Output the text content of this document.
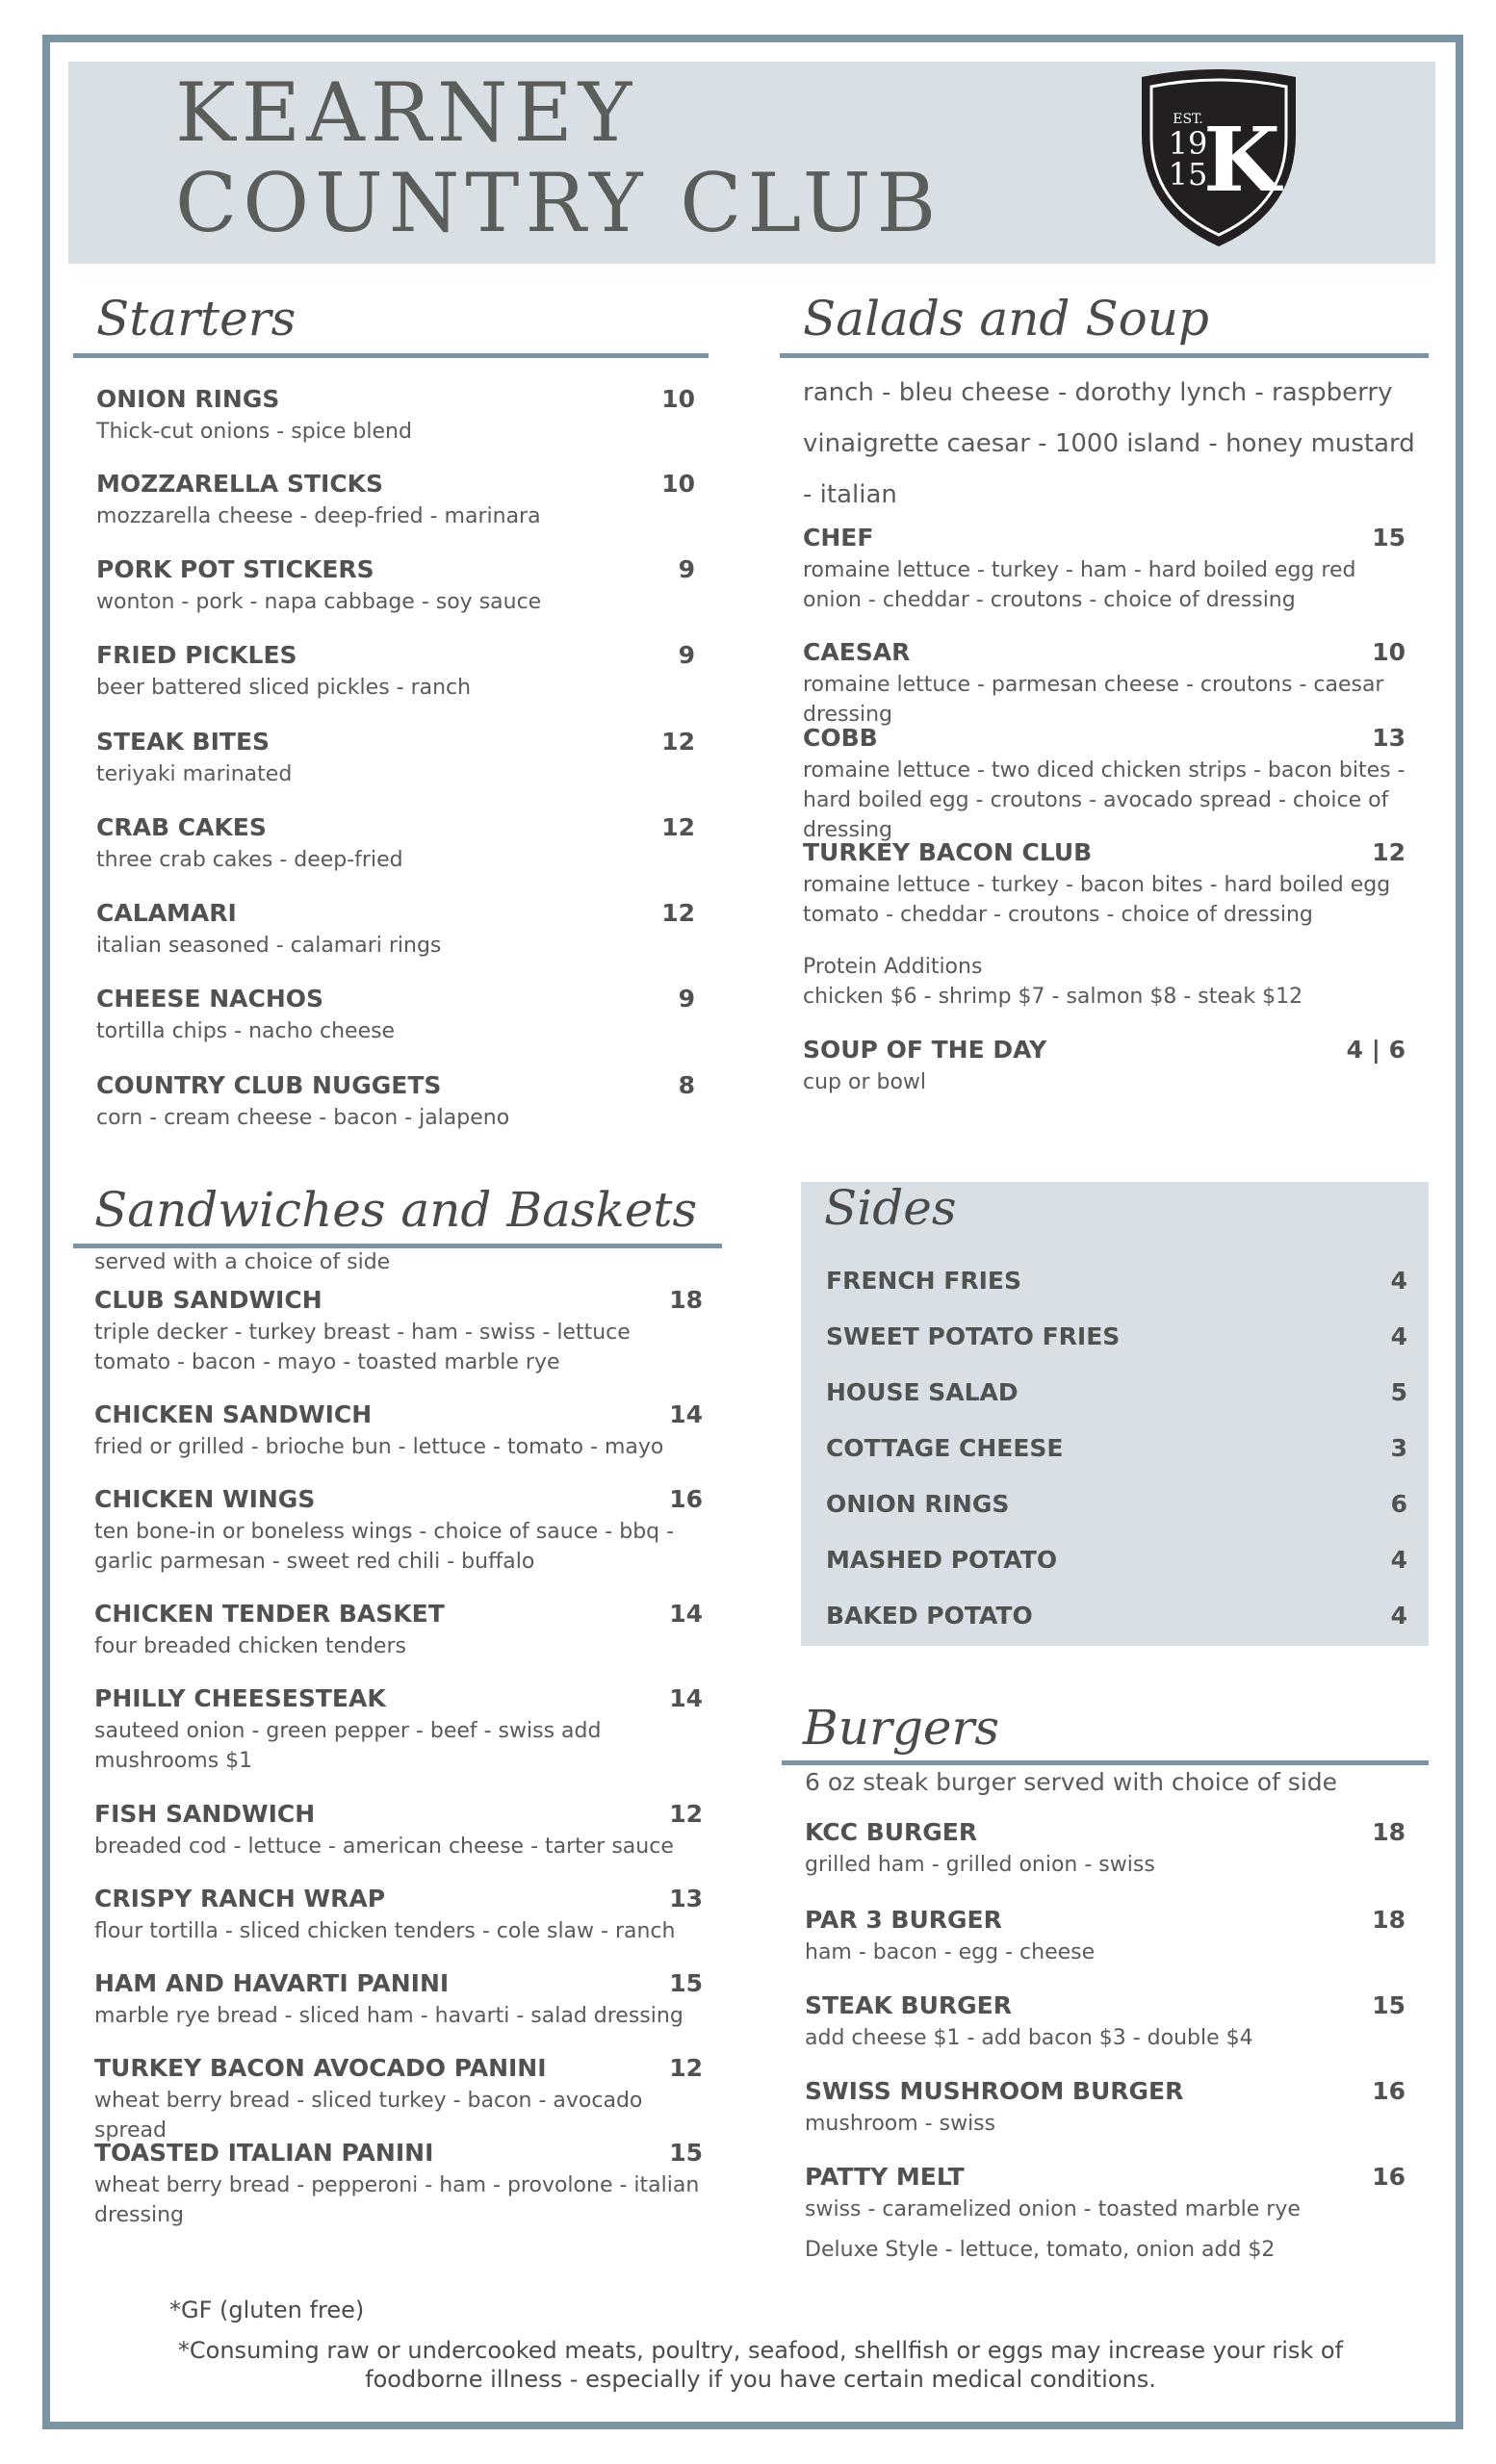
KEARNEY
COUNTRY CLUB
EST.
19
15
K
Starters
ONION RINGS	10
Thick-cut onions - spice blend
MOZZARELLA STICKS	10
mozzarella cheese - deep-fried - marinara
PORK POT STICKERS	9
wonton - pork - napa cabbage - soy sauce
FRIED PICKLES	9
beer battered sliced pickles - ranch
STEAK BITES	12
teriyaki marinated
CRAB CAKES	12
three crab cakes - deep-fried
CALAMARI	12
italian seasoned - calamari rings
CHEESE NACHOS	9
tortilla chips - nacho cheese
COUNTRY CLUB NUGGETS	8
corn - cream cheese - bacon - jalapeno
Salads and Soup
ranch - bleu cheese - dorothy lynch - raspberry vinaigrette caesar - 1000 island - honey mustard - italian
CHEF	15
romaine lettuce - turkey - ham - hard boiled egg red onion - cheddar - croutons - choice of dressing
CAESAR	10
romaine lettuce - parmesan cheese - croutons - caesar dressing
COBB	13
romaine lettuce - two diced chicken strips - bacon bites - hard boiled egg - croutons - avocado spread - choice of dressing
TURKEY BACON CLUB	12
romaine lettuce - turkey - bacon bites - hard boiled egg tomato - cheddar - croutons - choice of dressing
Protein Additions
chicken $6 - shrimp $7 - salmon $8 - steak $12
SOUP OF THE DAY	4 | 6
cup or bowl
Sandwiches and Baskets
served with a choice of side
CLUB SANDWICH	18
triple decker - turkey breast - ham - swiss - lettuce tomato - bacon - mayo - toasted marble rye
CHICKEN SANDWICH	14
fried or grilled - brioche bun - lettuce - tomato - mayo
CHICKEN WINGS	16
ten bone-in or boneless wings - choice of sauce - bbq - garlic parmesan - sweet red chili - buffalo
CHICKEN TENDER BASKET	14
four breaded chicken tenders
PHILLY CHEESESTEAK	14
sauteed onion - green pepper - beef - swiss add mushrooms $1
FISH SANDWICH	12
breaded cod - lettuce - american cheese - tarter sauce
CRISPY RANCH WRAP	13
flour tortilla - sliced chicken tenders - cole slaw - ranch
HAM AND HAVARTI PANINI	15
marble rye bread - sliced ham - havarti - salad dressing
TURKEY BACON AVOCADO PANINI	12
wheat berry bread - sliced turkey - bacon - avocado spread
TOASTED ITALIAN PANINI	15
wheat berry bread - pepperoni - ham - provolone - italian dressing
Sides
FRENCH FRIES	4
SWEET POTATO FRIES	4
HOUSE SALAD	5
COTTAGE CHEESE	3
ONION RINGS	6
MASHED POTATO	4
BAKED POTATO	4
Burgers
6 oz steak burger served with choice of side
KCC BURGER	18
grilled ham - grilled onion - swiss
PAR 3 BURGER	18
ham - bacon - egg - cheese
STEAK BURGER	15
add cheese $1 - add bacon $3 - double $4
SWISS MUSHROOM BURGER	16
mushroom - swiss
PATTY MELT	16
swiss - caramelized onion - toasted marble rye
Deluxe Style - lettuce, tomato, onion add $2
*GF (gluten free)
*Consuming raw or undercooked meats, poultry, seafood, shellfish or eggs may increase your risk of foodborne illness - especially if you have certain medical conditions.
